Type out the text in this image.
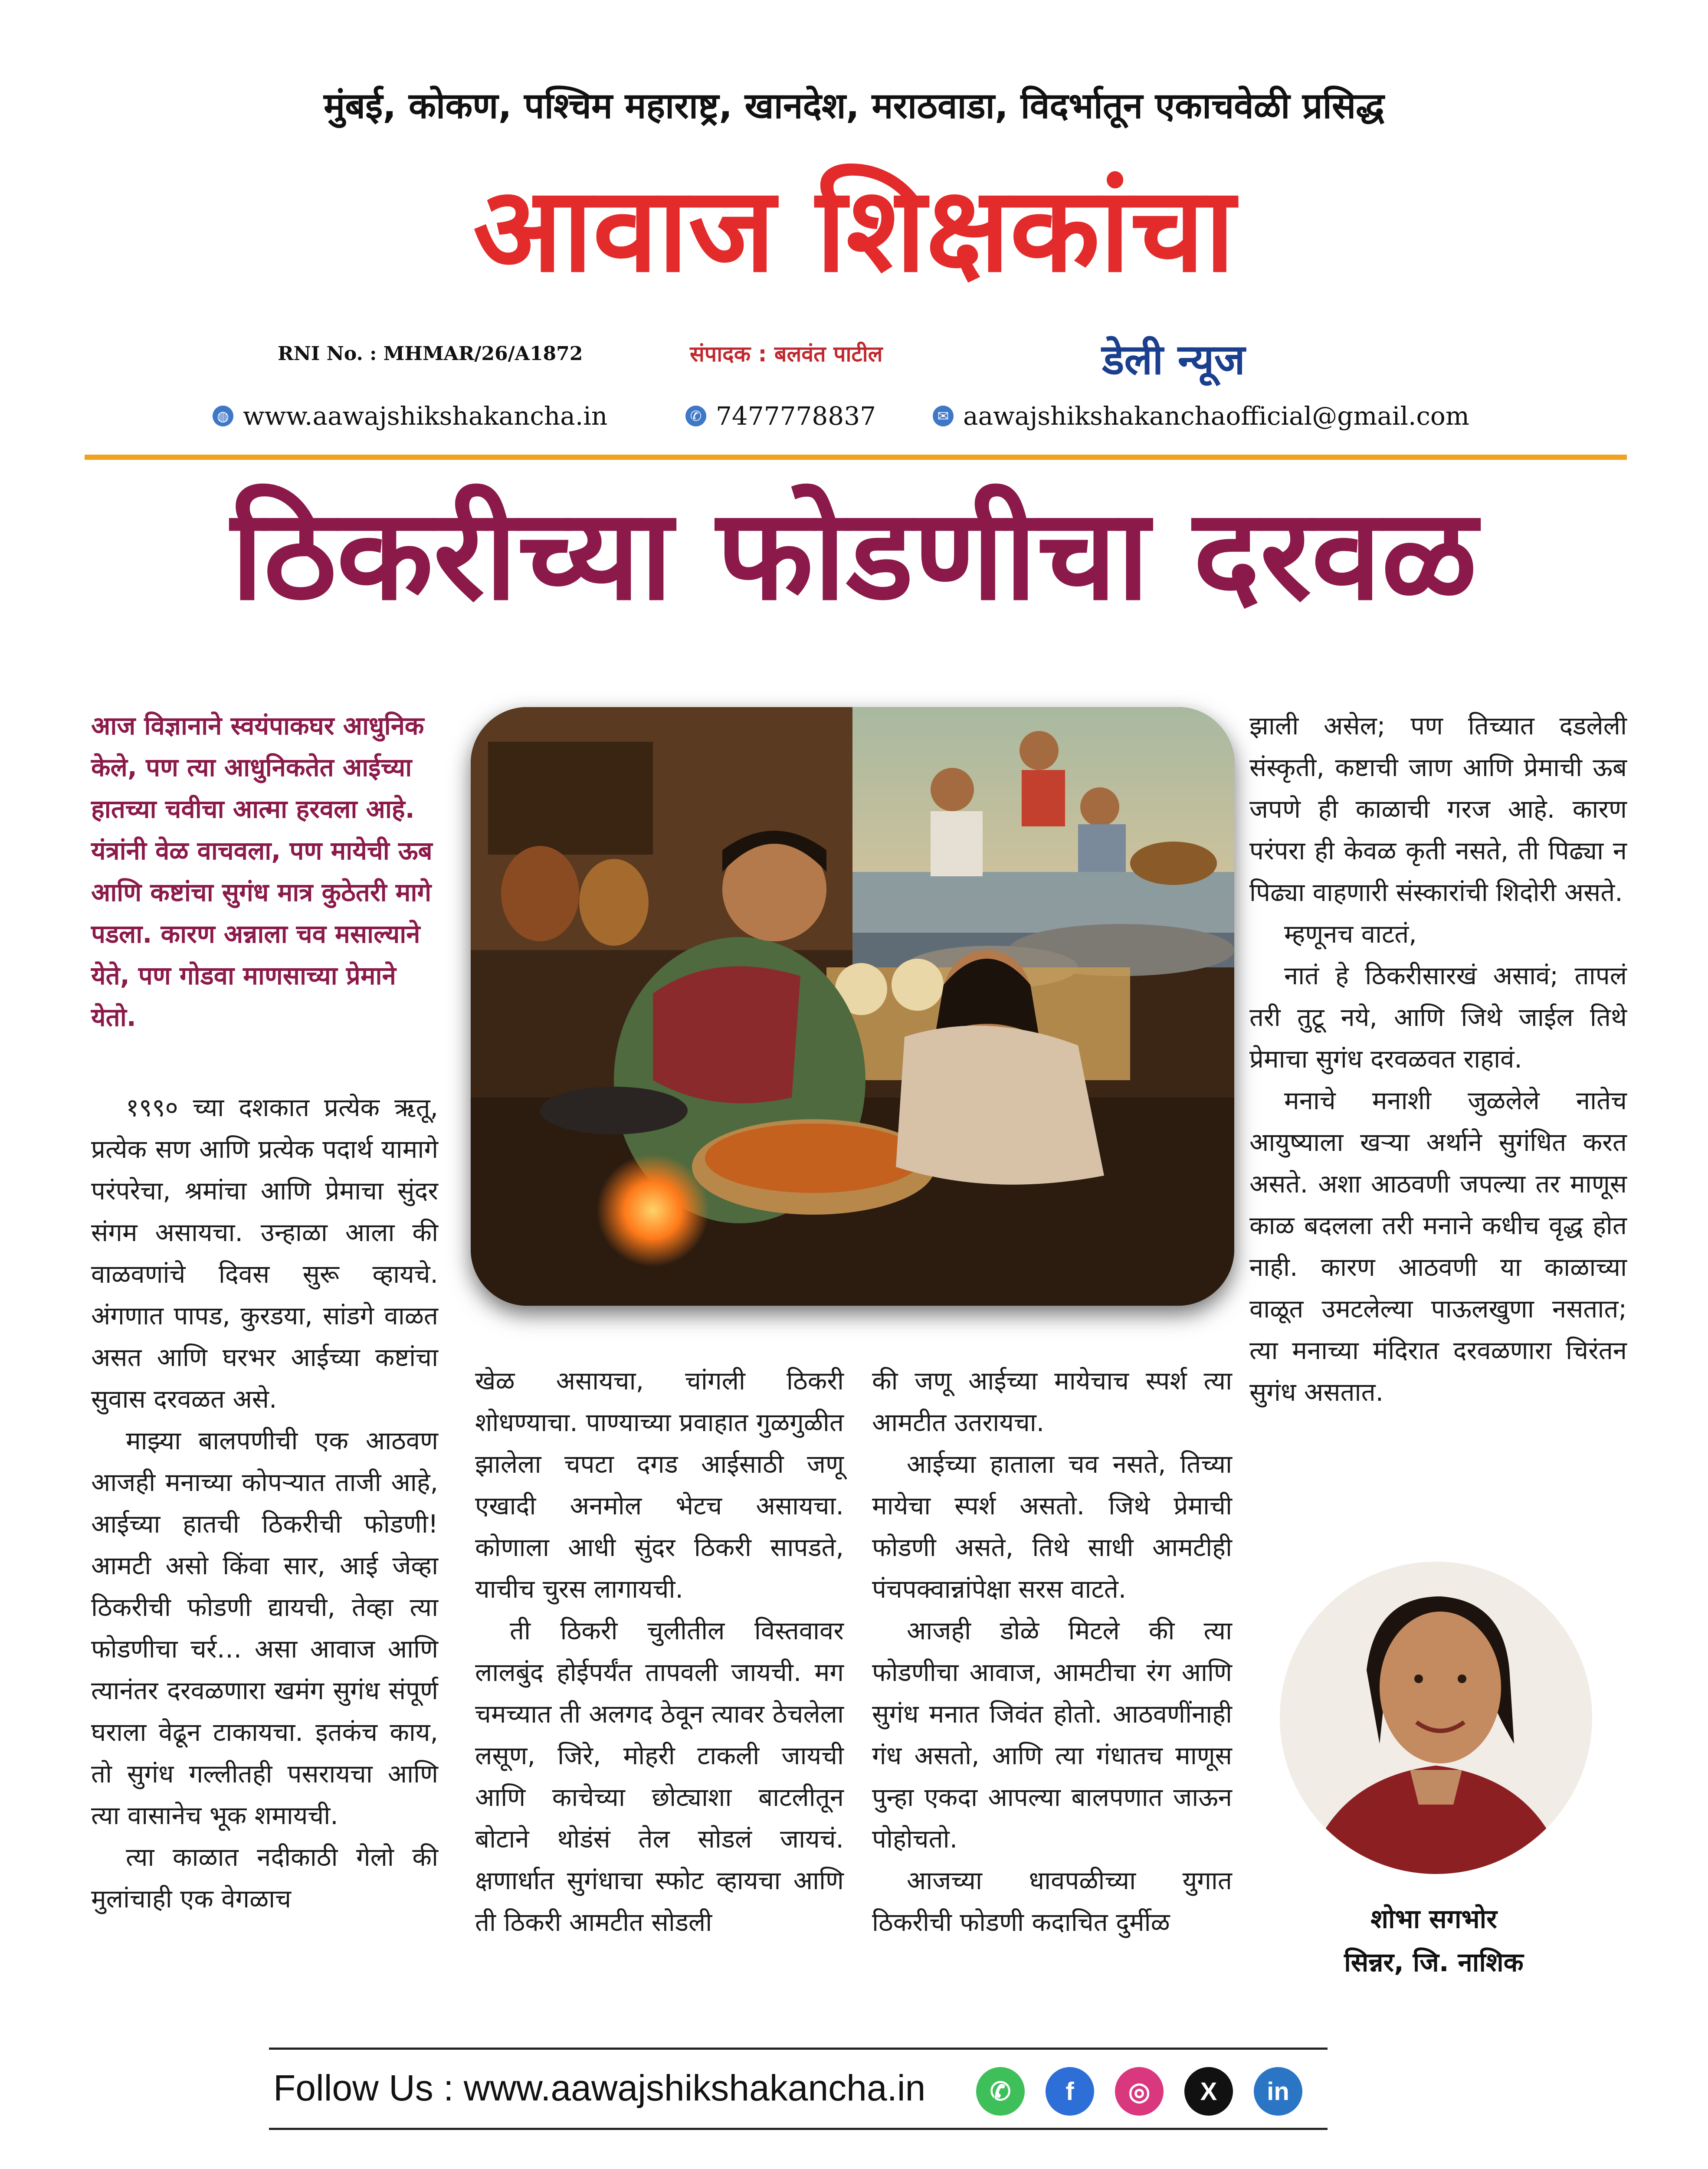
मुंबई, कोकण, पश्चिम महाराष्ट्र, खानदेश, मराठवाडा, विदर्भातून एकाचवेळी प्रसिद्ध
आवाज शिक्षकांचा
RNI No. : MHMAR/26/A1872	संपादक : बलवंत पाटील	डेली न्यूज
◍ www.aawajshikshakancha.in	✆ 7477778837	✉ aawajshikshakanchaofficial@gmail.com
ठिकरीच्या फोडणीचा दरवळ
आज विज्ञानाने स्वयंपाकघर आधुनिक केले, पण त्या आधुनिकतेत आईच्या हातच्या चवीचा आत्मा हरवला आहे. यंत्रांनी वेळ वाचवला, पण मायेची ऊब आणि कष्टांचा सुगंध मात्र कुठेतरी मागे पडला. कारण अन्नाला चव मसाल्याने येते, पण गोडवा माणसाच्या प्रेमाने येतो.

१९९० च्या दशकात प्रत्येक ऋतू, प्रत्येक सण आणि प्रत्येक पदार्थ यामागे परंपरेचा, श्रमांचा आणि प्रेमाचा सुंदर संगम असायचा. उन्हाळा आला की वाळवणांचे दिवस सुरू व्हायचे. अंगणात पापड, कुरडया, सांडगे वाळत असत आणि घरभर आईच्या कष्टांचा सुवास दरवळत असे.

माझ्या बालपणीची एक आठवण आजही मनाच्या कोपऱ्यात ताजी आहे, आईच्या हातची ठिकरीची फोडणी! आमटी असो किंवा सार, आई जेव्हा ठिकरीची फोडणी द्यायची, तेव्हा त्या फोडणीचा चर्र… असा आवाज आणि त्यानंतर दरवळणारा खमंग सुगंध संपूर्ण घराला वेढून टाकायचा. इतकंच काय, तो सुगंध गल्लीतही पसरायचा आणि त्या वासानेच भूक शमायची.

त्या काळात नदीकाठी गेलो की मुलांचाही एक वेगळाच

खेळ असायचा, चांगली ठिकरी शोधण्याचा. पाण्याच्या प्रवाहात गुळगुळीत झालेला चपटा दगड आईसाठी जणू एखादी अनमोल भेटच असायचा. कोणाला आधी सुंदर ठिकरी सापडते, याचीच चुरस लागायची.

ती ठिकरी चुलीतील विस्तवावर लालबुंद होईपर्यंत तापवली जायची. मग चमच्यात ती अलगद ठेवून त्यावर ठेचलेला लसूण, जिरे, मोहरी टाकली जायची आणि काचेच्या छोट्याशा बाटलीतून बोटाने थोडंसं तेल सोडलं जायचं. क्षणार्धात सुगंधाचा स्फोट व्हायचा आणि ती ठिकरी आमटीत सोडली

की जणू आईच्या मायेचाच स्पर्श त्या आमटीत उतरायचा.

आईच्या हाताला चव नसते, तिच्या मायेचा स्पर्श असतो. जिथे प्रेमाची फोडणी असते, तिथे साधी आमटीही पंचपक्वान्नांपेक्षा सरस वाटते.

आजही डोळे मिटले की त्या फोडणीचा आवाज, आमटीचा रंग आणि सुगंध मनात जिवंत होतो. आठवणींनाही गंध असतो, आणि त्या गंधातच माणूस पुन्हा एकदा आपल्या बालपणात जाऊन पोहोचतो.

आजच्या धावपळीच्या युगात ठिकरीची फोडणी कदाचित दुर्मीळ

झाली असेल; पण तिच्यात दडलेली संस्कृती, कष्टाची जाण आणि प्रेमाची ऊब जपणे ही काळाची गरज आहे. कारण परंपरा ही केवळ कृती नसते, ती पिढ्या न पिढ्या वाहणारी संस्कारांची शिदोरी असते.

म्हणूनच वाटतं,

नातं हे ठिकरीसारखं असावं; तापलं तरी तुटू नये, आणि जिथे जाईल तिथे प्रेमाचा सुगंध दरवळवत राहावं.

मनाचे मनाशी जुळलेले नातेच आयुष्याला खऱ्या अर्थाने सुगंधित करत असते. अशा आठवणी जपल्या तर माणूस काळ बदलला तरी मनाने कधीच वृद्ध होत नाही. कारण आठवणी या काळाच्या वाळूत उमटलेल्या पाऊलखुणा नसतात; त्या मनाच्या मंदिरात दरवळणारा चिरंतन सुगंध असतात.

शोभा सगभोर
सिन्नर, जि. नाशिक
Follow Us : www.aawajshikshakancha.in	✆	f	◎	X	in
